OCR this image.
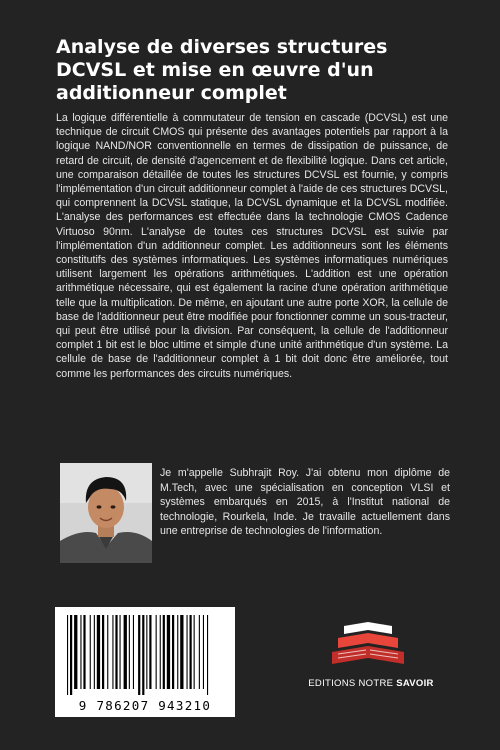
Analyse de diverses structures DCVSL et mise en œuvre d'un additionneur complet

La logique différentielle à commutateur de tension en cascade (DCVSL) est une technique de circuit CMOS qui présente des avantages potentiels par rapport à la logique NAND/NOR conventionnelle en termes de dissipation de puissance, de retard de circuit, de densité d'agencement et de flexibilité logique. Dans cet article, une comparaison détaillée de toutes les structures DCVSL est fournie, y compris l'implémentation d'un circuit additionneur complet à l'aide de ces structures DCVSL, qui comprennent la DCVSL statique, la DCVSL dynamique et la DCVSL modifiée. L'analyse des performances est effectuée dans la technologie CMOS Cadence Virtuoso 90nm. L'analyse de toutes ces structures DCVSL est suivie par l'implémentation d'un additionneur complet. Les additionneurs sont les éléments constitutifs des systèmes informatiques. Les systèmes informatiques numériques utilisent largement les opérations arithmétiques. L'addition est une opération arithmétique nécessaire, qui est également la racine d'une opération arithmétique telle que la multiplication. De même, en ajoutant une autre porte XOR, la cellule de base de l'additionneur peut être modifiée pour fonctionner comme un sous-tracteur, qui peut être utilisé pour la division. Par conséquent, la cellule de l'additionneur complet 1 bit est le bloc ultime et simple d'une unité arithmétique d'un système. La cellule de base de l'additionneur complet à 1 bit doit donc être améliorée, tout comme les performances des circuits numériques.

Je m'appelle Subhrajit Roy. J'ai obtenu mon diplôme de M.Tech, avec une spécialisation en conception VLSI et systèmes embarqués en 2015, à l'Institut national de technologie, Rourkela, Inde. Je travaille actuellement dans une entreprise de technologies de l'information.

9 786207 943210
EDITIONS NOTRE SAVOIR
